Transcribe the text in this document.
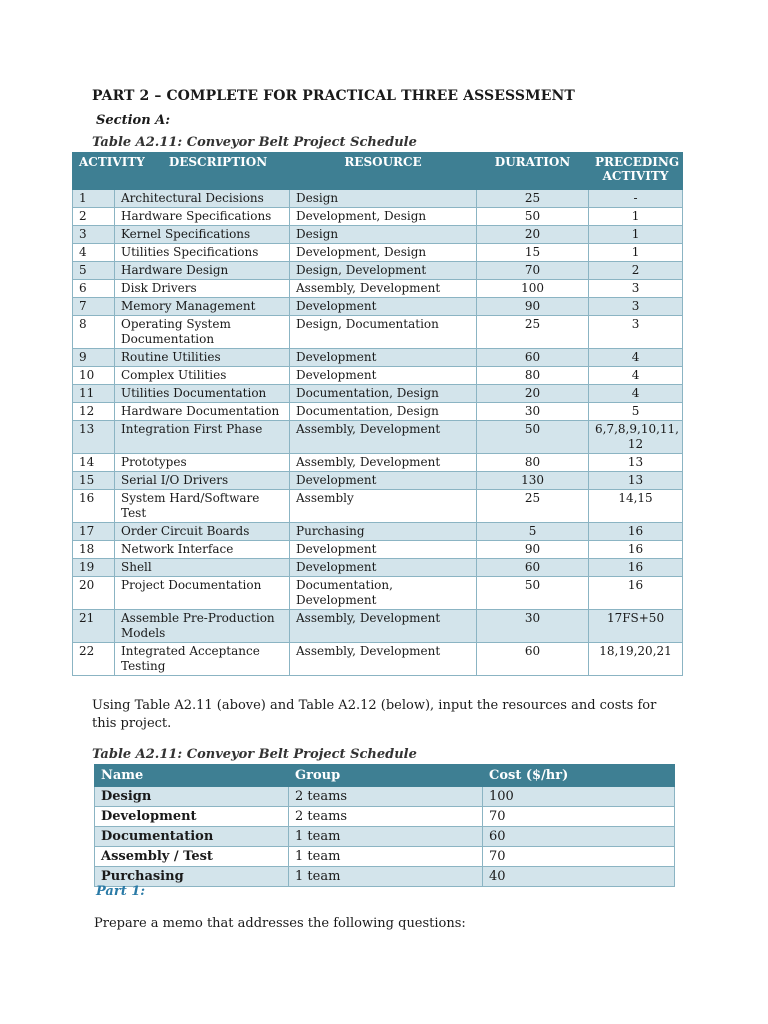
PART 2 – COMPLETE FOR PRACTICAL THREE ASSESSMENT
Section A:
Table A2.11: Conveyor Belt Project Schedule
ACTIVITY DESCRIPTION		RESOURCE	DURATION	PRECEDING
ACTIVITY
1	Architectural Decisions	Design	25	-
2	Hardware Specifications	Development, Design	50	1
3	Kernel Specifications	Design	20	1
4	Utilities Specifications	Development, Design	15	1
5	Hardware Design	Design, Development	70	2
6	Disk Drivers	Assembly, Development	100	3
7	Memory Management	Development	90	3
8	Operating System Documentation	Design, Documentation	25	3
9	Routine Utilities	Development	60	4
10	Complex Utilities	Development	80	4
11	Utilities Documentation	Documentation, Design	20	4
12	Hardware Documentation	Documentation, Design	30	5
13	Integration First Phase	Assembly, Development	50	6,7,8,9,10,11, 12
14	Prototypes	Assembly, Development	80	13
15	Serial I/O Drivers	Development	130	13
16	System Hard/Software Test	Assembly	25	14,15
17	Order Circuit Boards	Purchasing	5	16
18	Network Interface	Development	90	16
19	Shell	Development	60	16
20	Project Documentation	Documentation, Development	50	16
21	Assemble Pre-Production Models	Assembly, Development	30	17FS+50
22	Integrated Acceptance Testing	Assembly, Development	60	18,19,20,21
Using Table A2.11 (above) and Table A2.12 (below), input the resources and costs for this project.
Table A2.11: Conveyor Belt Project Schedule
Name	Group	Cost ($/hr)
Design	2 teams	100
Development	2 teams	70
Documentation	1 team	60
Assembly / Test	1 team	70
Purchasing	1 team	40
Part 1:
Prepare a memo that addresses the following questions:
